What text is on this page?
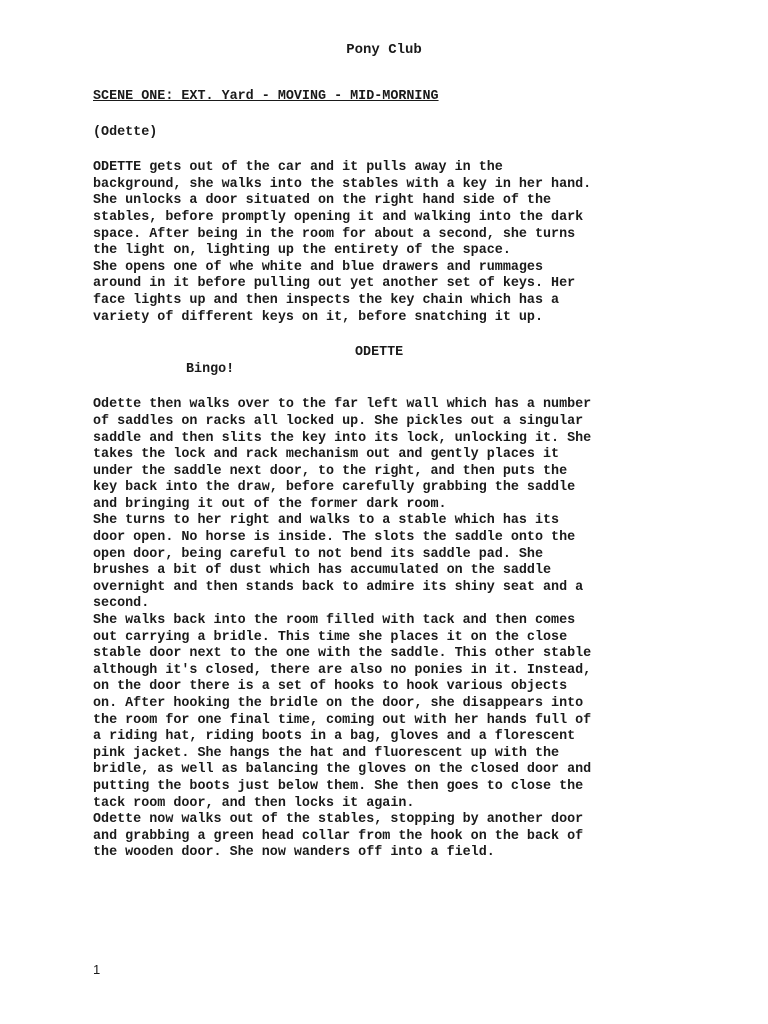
Pony Club
SCENE ONE: EXT. Yard - MOVING - MID-MORNING
(Odette)
ODETTE gets out of the car and it pulls away in the
background, she walks into the stables with a key in her hand.
She unlocks a door situated on the right hand side of the
stables, before promptly opening it and walking into the dark
space. After being in the room for about a second, she turns
the light on, lighting up the entirety of the space.
She opens one of whe white and blue drawers and rummages
around in it before pulling out yet another set of keys. Her
face lights up and then inspects the key chain which has a
variety of different keys on it, before snatching it up.
ODETTE
Bingo!
Odette then walks over to the far left wall which has a number
of saddles on racks all locked up. She pickles out a singular
saddle and then slits the key into its lock, unlocking it. She
takes the lock and rack mechanism out and gently places it
under the saddle next door, to the right, and then puts the
key back into the draw, before carefully grabbing the saddle
and bringing it out of the former dark room.
She turns to her right and walks to a stable which has its
door open. No horse is inside. The slots the saddle onto the
open door, being careful to not bend its saddle pad. She
brushes a bit of dust which has accumulated on the saddle
overnight and then stands back to admire its shiny seat and a
second.
She walks back into the room filled with tack and then comes
out carrying a bridle. This time she places it on the close
stable door next to the one with the saddle. This other stable
although it's closed, there are also no ponies in it. Instead,
on the door there is a set of hooks to hook various objects
on. After hooking the bridle on the door, she disappears into
the room for one final time, coming out with her hands full of
a riding hat, riding boots in a bag, gloves and a florescent
pink jacket. She hangs the hat and fluorescent up with the
bridle, as well as balancing the gloves on the closed door and
putting the boots just below them. She then goes to close the
tack room door, and then locks it again.
Odette now walks out of the stables, stopping by another door
and grabbing a green head collar from the hook on the back of
the wooden door. She now wanders off into a field.
1
